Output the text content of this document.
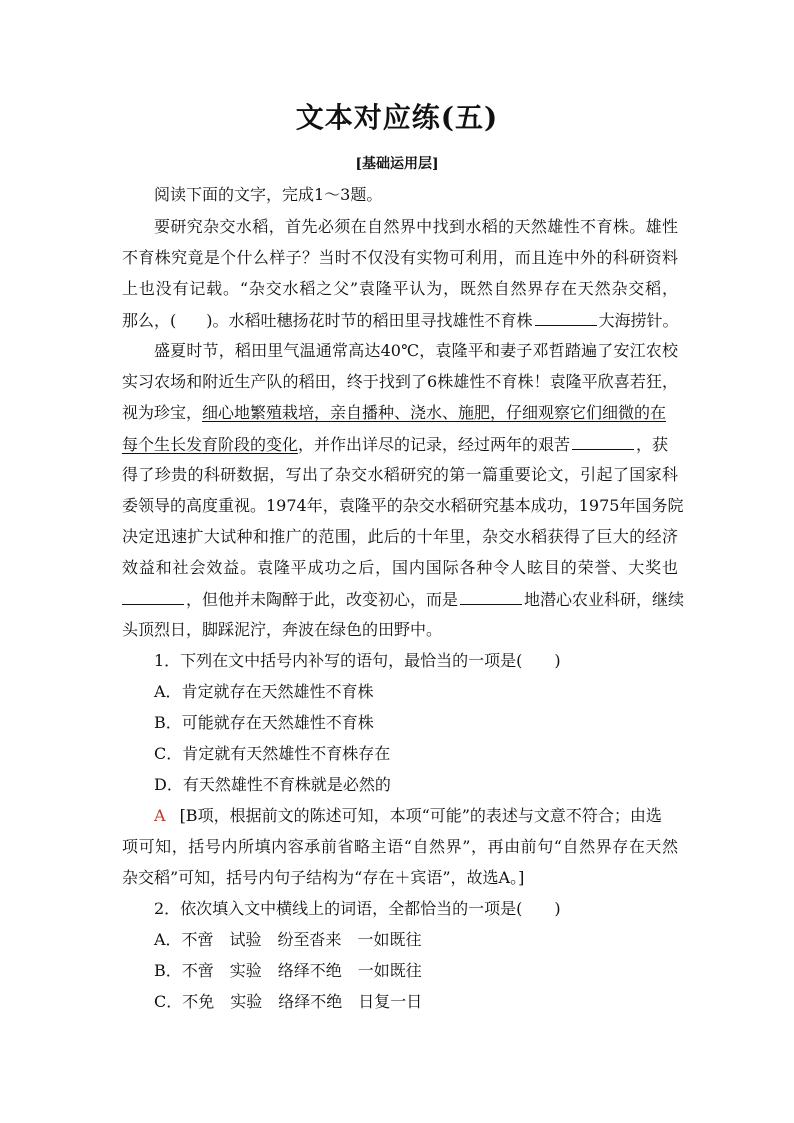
文本对应练(五)
[基础运用层]
阅读下面的文字，完成1～3题。
要研究杂交水稻，首先必须在自然界中找到水稻的天然雄性不育株。雄性
不育株究竟是个什么样子？当时不仅没有实物可利用，而且连中外的科研资料
上也没有记载。“杂交水稻之父”袁隆平认为，既然自然界存在天然杂交稻，
那么，( )。水稻吐穗扬花时节的稻田里寻找雄性不育株	大海捞针。
盛夏时节，稻田里气温通常高达40℃，袁隆平和妻子邓哲踏遍了安江农校
实习农场和附近生产队的稻田，终于找到了6株雄性不育株！袁隆平欣喜若狂，
视为珍宝，细心地繁殖栽培，亲自播种、浇水、施肥，仔细观察它们细微的在
每个生长发育阶段的变化，并作出详尽的记录，经过两年的艰苦	，获
得了珍贵的科研数据，写出了杂交水稻研究的第一篇重要论文，引起了国家科
委领导的高度重视。1974年，袁隆平的杂交水稻研究基本成功，1975年国务院
决定迅速扩大试种和推广的范围，此后的十年里，杂交水稻获得了巨大的经济
效益和社会效益。袁隆平成功之后，国内国际各种令人眩目的荣誉、大奖也
，但他并未陶醉于此，改变初心，而是	地潜心农业科研，继续
头顶烈日，脚踩泥泞，奔波在绿色的田野中。
1．下列在文中括号内补写的语句，最恰当的一项是(　　)
A．肯定就存在天然雄性不育株
B．可能就存在天然雄性不育株
C．肯定就有天然雄性不育株存在
D．有天然雄性不育株就是必然的
A [B项，根据前文的陈述可知，本项“可能”的表述与文意不符合；由选
项可知，括号内所填内容承前省略主语“自然界”，再由前句“自然界存在天然
杂交稻”可知，括号内句子结构为“存在＋宾语”，故选A。]
2．依次填入文中横线上的词语，全都恰当的一项是(　　)
A．不啻　试验　纷至沓来　一如既往
B．不啻　实验　络绎不绝　一如既往
C．不免　实验　络绎不绝　日复一日
